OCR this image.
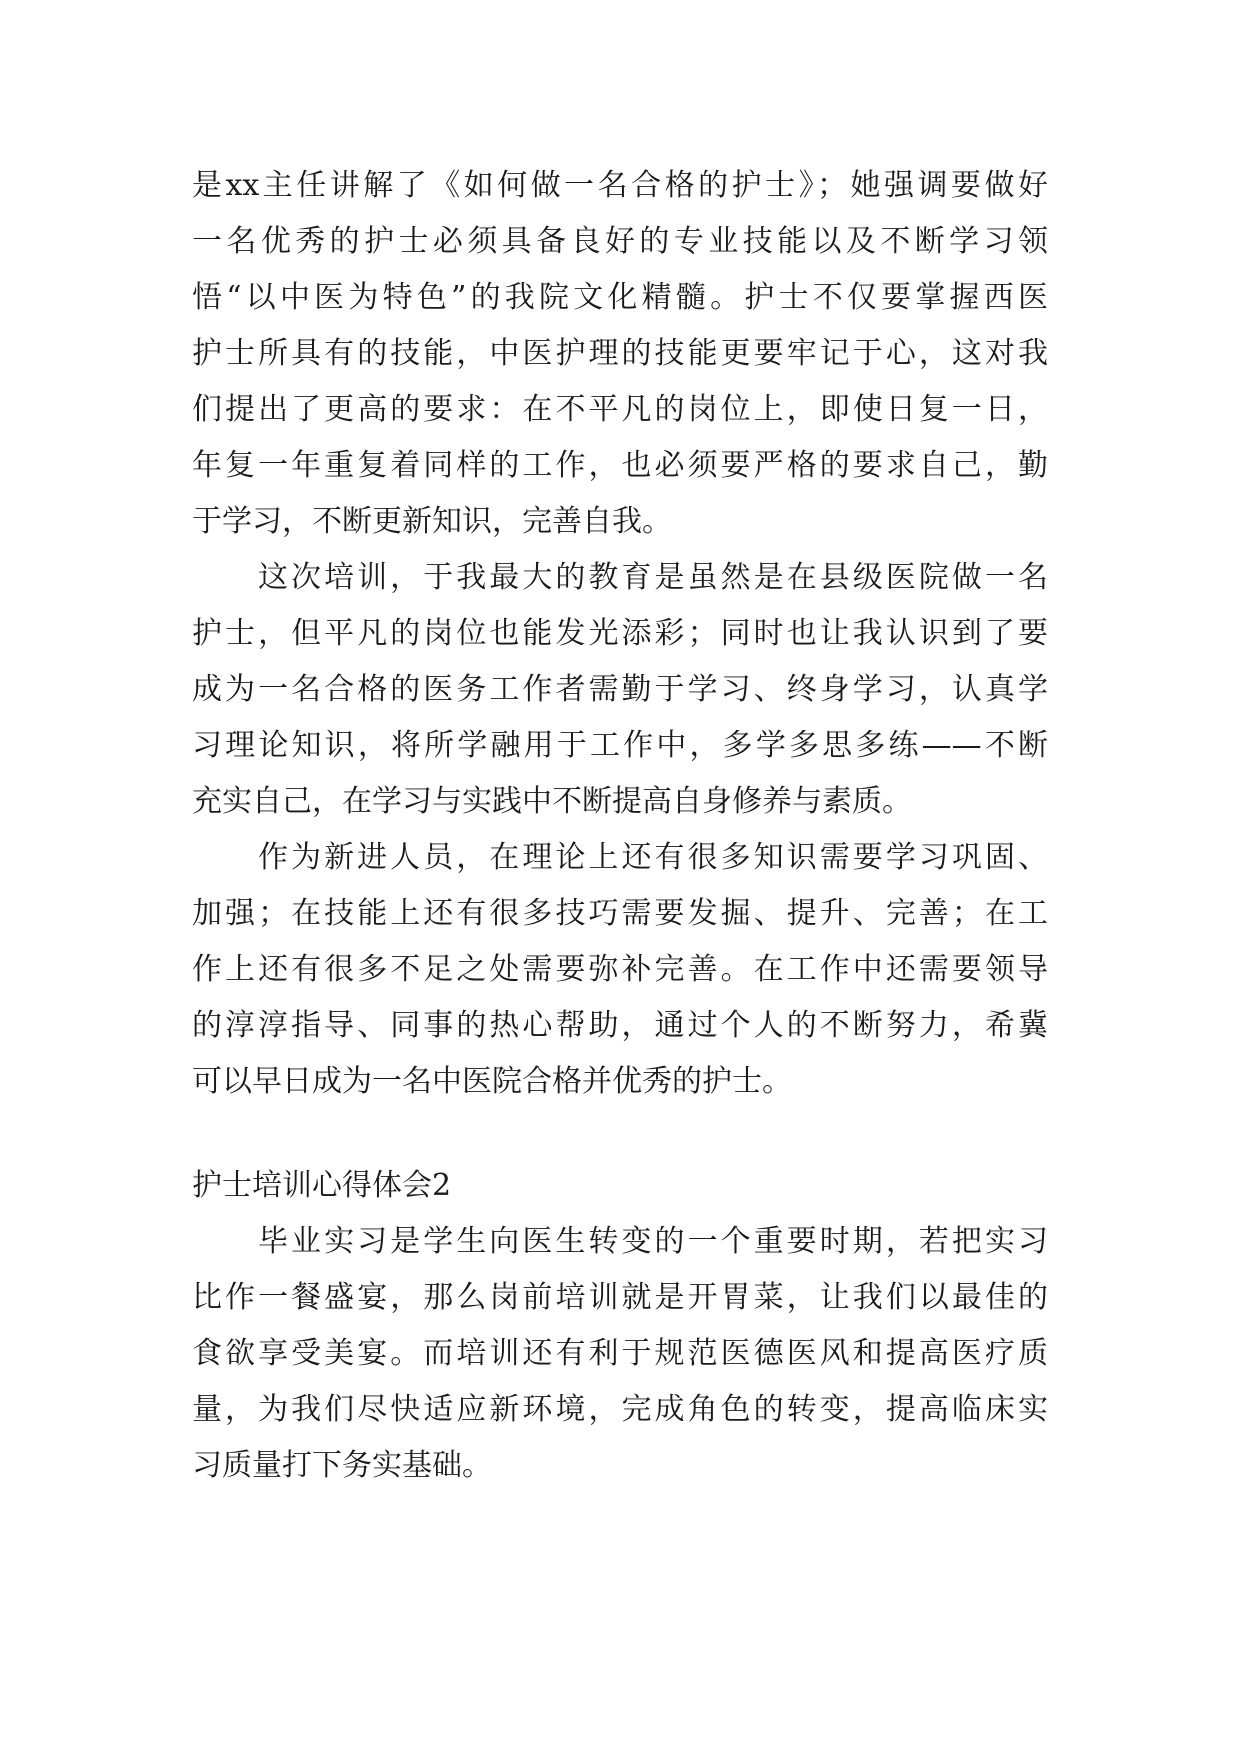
是xx主任讲解了《如何做一名合格的护士》；她强调要做好
一名优秀的护士必须具备良好的专业技能以及不断学习领
悟“以中医为特色”的我院文化精髓。护士不仅要掌握西医
护士所具有的技能，中医护理的技能更要牢记于心，这对我
们提出了更高的要求：在不平凡的岗位上，即使日复一日，
年复一年重复着同样的工作，也必须要严格的要求自己，勤
于学习，不断更新知识，完善自我。
这次培训，于我最大的教育是虽然是在县级医院做一名
护士，但平凡的岗位也能发光添彩；同时也让我认识到了要
成为一名合格的医务工作者需勤于学习、终身学习，认真学
习理论知识，将所学融用于工作中，多学多思多练——不断
充实自己，在学习与实践中不断提高自身修养与素质。
作为新进人员，在理论上还有很多知识需要学习巩固、
加强；在技能上还有很多技巧需要发掘、提升、完善；在工
作上还有很多不足之处需要弥补完善。在工作中还需要领导
的淳淳指导、同事的热心帮助，通过个人的不断努力，希冀
可以早日成为一名中医院合格并优秀的护士。
护士培训心得体会2
毕业实习是学生向医生转变的一个重要时期，若把实习
比作一餐盛宴，那么岗前培训就是开胃菜，让我们以最佳的
食欲享受美宴。而培训还有利于规范医德医风和提高医疗质
量，为我们尽快适应新环境，完成角色的转变，提高临床实
习质量打下务实基础。
